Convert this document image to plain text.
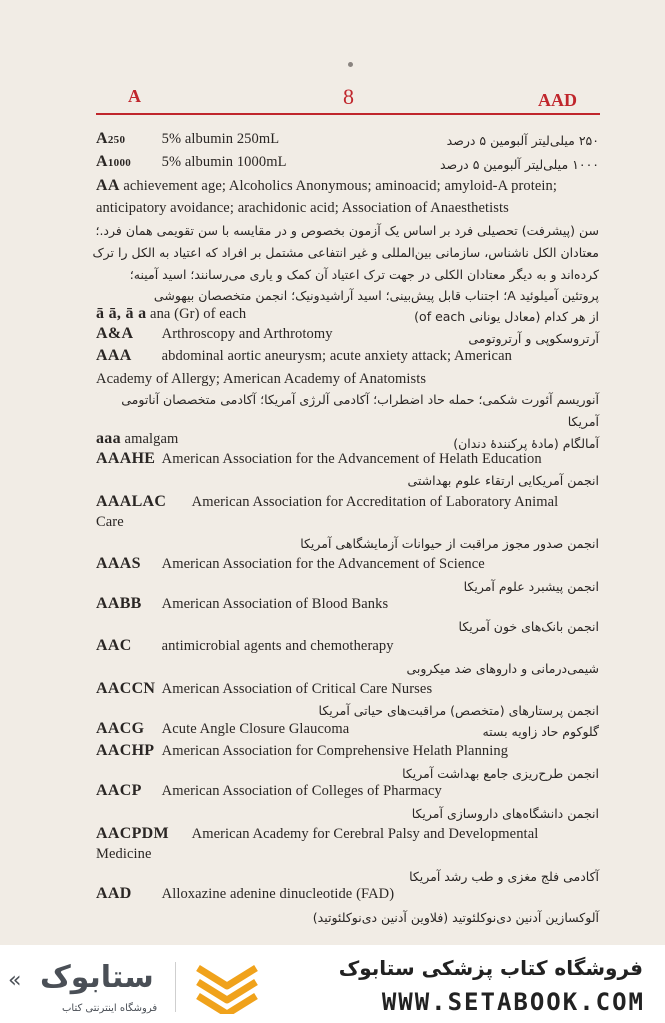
A	8	AAD
A250	5% albumin 250mL	۲۵۰ میلی‌لیتر آلبومین ۵ درصد
A1000 5% albumin 1000mL	۱۰۰۰ میلی‌لیتر آلبومین ۵ درصد
AA achievement age; Alcoholics Anonymous; aminoacid; amyloid-A protein;
anticipatory avoidance; arachidonic acid; Association of Anaesthetists
سن (پیشرفت) تحصیلی فرد بر اساس یک آزمون بخصوص و در مقایسه با سن تقویمی همان فرد.؛
معتادان الکل ناشناس، سازمانی بین‌المللی و غیر انتفاعی مشتمل بر افراد که اعتیاد به الکل را ترک
کرده‌اند و به دیگر معتادان الکلی در جهت ترک اعتیاد آن کمک و یاری می‌رسانند؛ اسید آمینه؛
پروتئین آمیلوئید A؛ اجتناب قابل پیش‌بینی؛ اسید آراشیدونیک؛ انجمن متخصصان بیهوشی
ā ā, ā a ana (Gr) of each	از هر کدام (معادل یونانی of each)
A&A Arthroscopy and Arthrotomy	آرتروسکوپی و آرتروتومی
AAA abdominal aortic aneurysm; acute anxiety attack; American
Academy of Allergy; American Academy of Anatomists
آنوریسم آئورت شکمی؛ حمله حاد اضطراب؛ آکادمی آلرژی آمریکا؛ آکادمی متخصصان آناتومی
آمریکا
aaa amalgam	آمالگام (مادهٔ پرکنندهٔ دندان)
AAAHE American Association for the Advancement of Helath Education
انجمن آمریکایی ارتقاء علوم بهداشتی
AAALAC American Association for Accreditation of Laboratory Animal
Care
انجمن صدور مجوز مراقبت از حیوانات آزمایشگاهی آمریکا
AAAS American Association for the Advancement of Science
انجمن پیشبرد علوم آمریکا
AABB American Association of Blood Banks
انجمن بانک‌های خون آمریکا
AAC antimicrobial agents and chemotherapy
شیمی‌درمانی و داروهای ضد میکروبی
AACCN American Association of Critical Care Nurses
انجمن پرستارهای (متخصص) مراقبت‌های حیاتی آمریکا
AACG Acute Angle Closure Glaucoma	گلوکوم حاد زاویه بسته
AACHP American Association for Comprehensive Helath Planning
انجمن طرح‌ریزی جامع بهداشت آمریکا
AACP American Association of Colleges of Pharmacy
انجمن دانشگاه‌های داروسازی آمریکا
AACPDM American Academy for Cerebral Palsy and Developmental
Medicine
آکادمی فلج مغزی و طب رشد آمریکا
AAD Alloxazine adenine dinucleotide (FAD)
آلوکسازین آدنین دی‌نوکلئوتید (فلاوین آدنین دی‌نوکلئوتید)
« ستابوک
فروشگاه اینترنتی کتاب
فروشگاه کتاب پزشکی ستابوک
WWW.SETABOOK.COM
